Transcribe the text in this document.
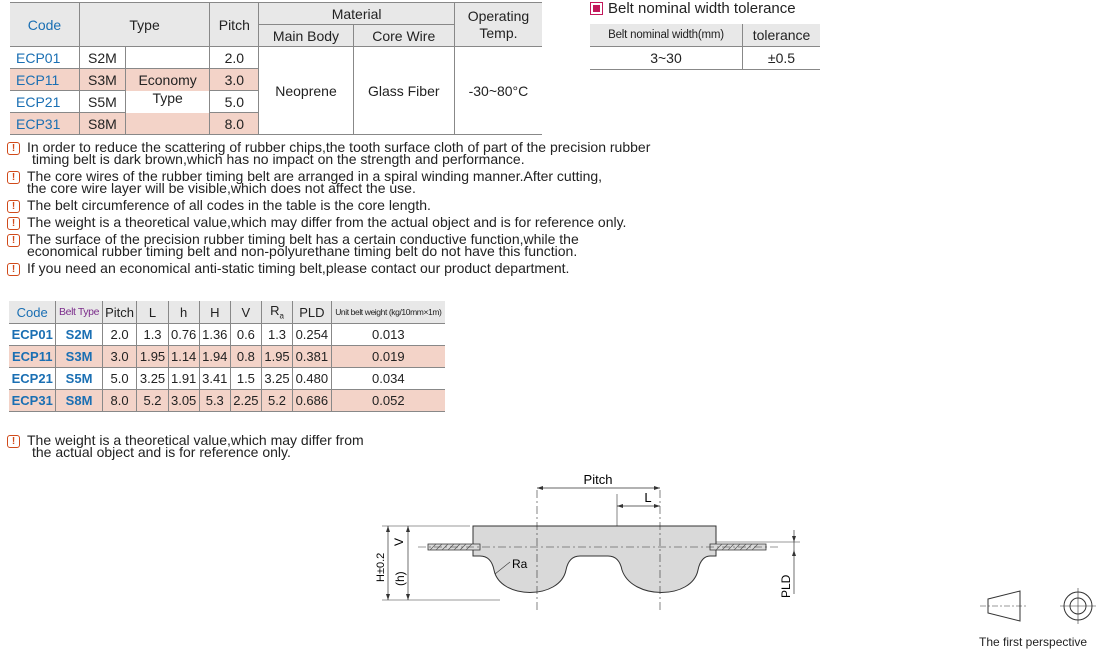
Code	Type		Pitch	Material		Operating
Temp.
				Main Body	Core Wire	
ECP01	S2M		2.0	Neoprene	Glass Fiber	-30~80°C
ECP11	S3M	Economy	3.0			
ECP21	S5M	Type	5.0			
ECP31	S8M		8.0			
Belt nominal width tolerance
Belt nominal width(mm)	tolerance
3~30	±0.5
! In order to reduce the scattering of rubber chips,the tooth surface cloth of part of the precision rubber
timing belt is dark brown,which has no impact on the strength and performance.
! The core wires of the rubber timing belt are arranged in a spiral winding manner.After cutting,
the core wire layer will be visible,which does not affect the use.
! The belt circumference of all codes in the table is the core length.
! The weight is a theoretical value,which may differ from the actual object and is for reference only.
! The surface of the precision rubber timing belt has a certain conductive function,while the
economical rubber timing belt and non-polyurethane timing belt do not have this function.
! If you need an economical anti-static timing belt,please contact our product department.
Code	Belt Type	Pitch	L	h	H	V	$R_a$	PLD	Unit belt weight (kg/10mm×1m)
ECP01	S2M	2.0	1.3	0.76	1.36	0.6	1.3	0.254	0.013
ECP11	S3M	3.0	1.95	1.14	1.94	0.8	1.95	0.381	0.019
ECP21	S5M	5.0	3.25	1.91	3.41	1.5	3.25	0.480	0.034
ECP31	S8M	8.0	5.2	3.05	5.3	2.25	5.2	0.686	0.052
! The weight is a theoretical value,which may differ from
the actual object and is for reference only.
Pitch
L
V
H±0.2 (h)
Ra
PLD
The first perspective
